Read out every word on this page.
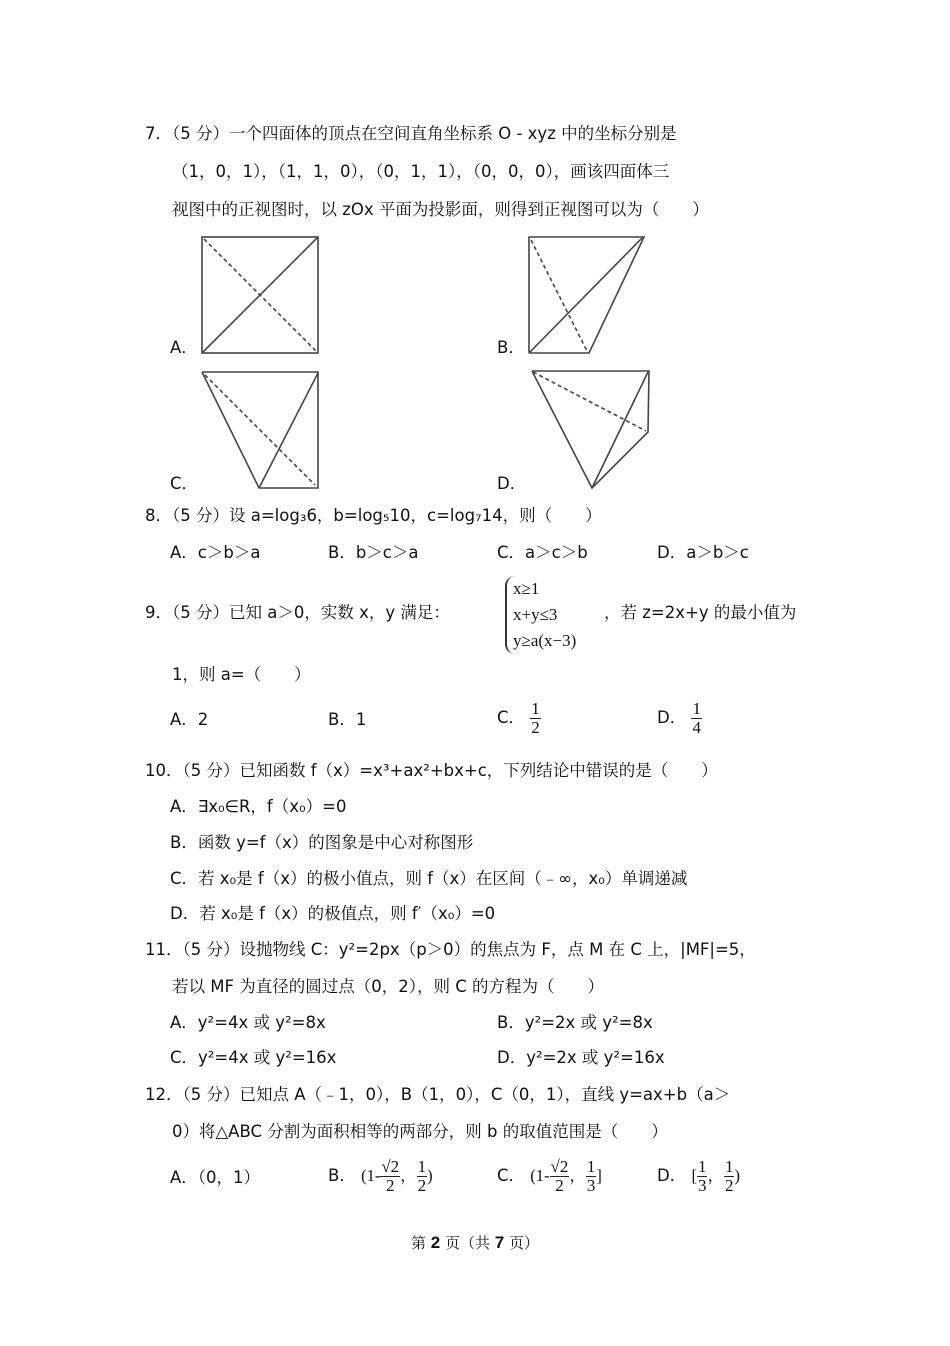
7．（5 分）一个四面体的顶点在空间直角坐标系 O - xyz 中的坐标分别是
（1，0，1），（1，1，0），（0，1，1），（0，0，0），画该四面体三
视图中的正视图时，以 zOx 平面为投影面，则得到正视图可以为（　　）
A．	B．
C．	D．
8．（5 分）设 a=log₃6，b=log₅10，c=log₇14，则（　　）
A．c＞b＞a	B．b＞c＞a	C．a＞c＞b	D．a＞b＞c
9．（5 分）已知 a＞0，实数 x，y 满足：
x≥1
x+y≤3
y≥a(x−3)
，若 z=2x+y 的最小值为
1，则 a=（　　）
A．2	B．1	C． $\frac{1}{2}$	D． $\frac{1}{4}$
10．（5 分）已知函数 f（x）=x³+ax²+bx+c，下列结论中错误的是（　　）
A．∃x₀∈R，f（x₀）=0
B．函数 y=f（x）的图象是中心对称图形
C．若 x₀是 f（x）的极小值点，则 f（x）在区间（﹣∞，x₀）单调递减
D．若 x₀是 f（x）的极值点，则 f′（x₀）=0
11．（5 分）设抛物线 C：y²=2px（p＞0）的焦点为 F，点 M 在 C 上，|MF|=5，
若以 MF 为直径的圆过点（0，2），则 C 的方程为（　　）
A．y²=4x 或 y²=8x	B．y²=2x 或 y²=8x
C．y²=4x 或 y²=16x	D．y²=2x 或 y²=16x
12．（5 分）已知点 A（﹣1，0），B（1，0），C（0，1），直线 y=ax+b（a＞
0）将△ABC 分割为面积相等的两部分，则 b 的取值范围是（　　）
A．（0，1）	B． ($1- \frac{√2}{2}$ ， $\frac{1}{2}$ )	C． ($1- \frac{√2}{2}$ ， $\frac{1}{3}$ ]	D． [ $\frac{1}{3}$ ， $\frac{1}{2}$ )
第 2 页（共 7 页）
